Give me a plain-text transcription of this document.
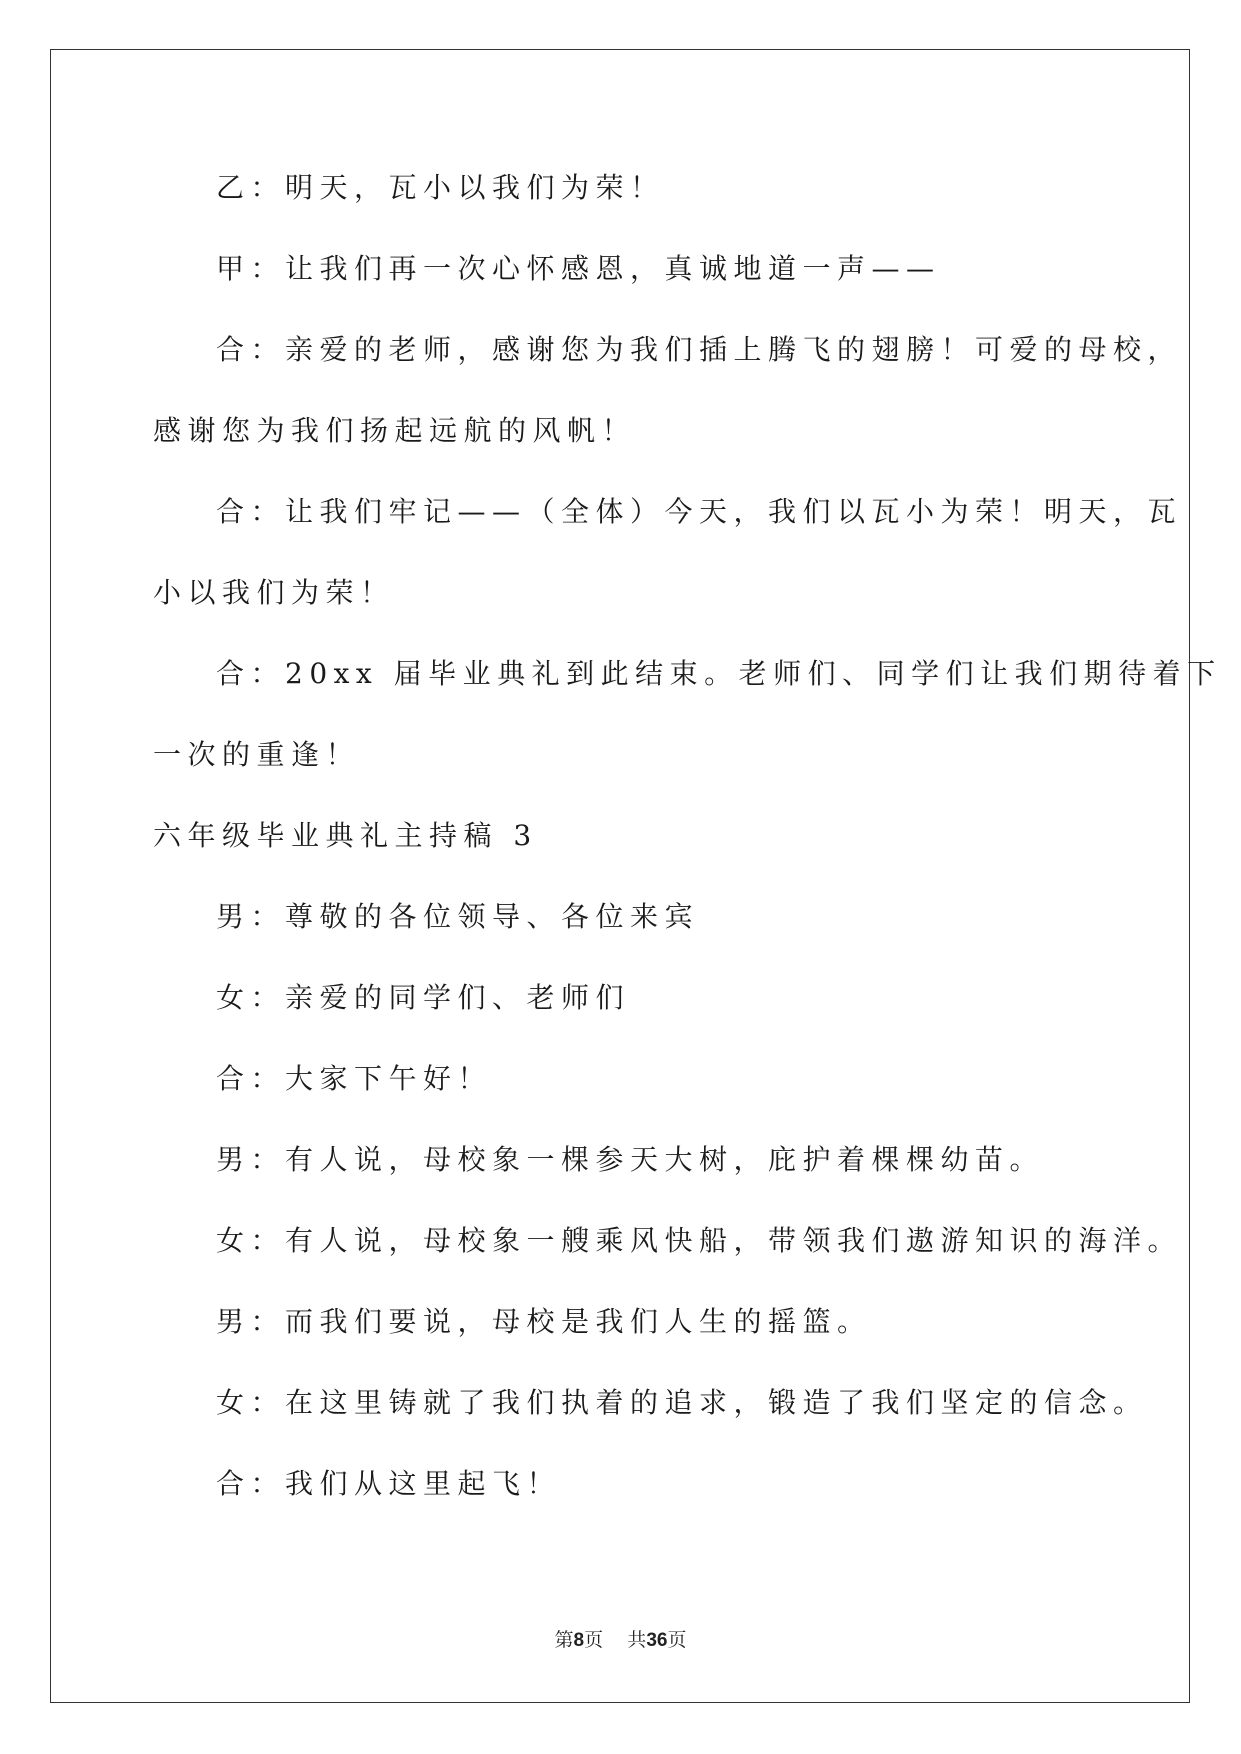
乙：明天，瓦小以我们为荣！
甲：让我们再一次心怀感恩，真诚地道一声——
合：亲爱的老师，感谢您为我们插上腾飞的翅膀！可爱的母校，
感谢您为我们扬起远航的风帆！
合：让我们牢记——（全体）今天，我们以瓦小为荣！明天，瓦
小以我们为荣！
合：20xx 届毕业典礼到此结束。老师们、同学们让我们期待着下
一次的重逢！
六年级毕业典礼主持稿 3
男：尊敬的各位领导、各位来宾
女：亲爱的同学们、老师们
合：大家下午好！
男：有人说，母校象一棵参天大树，庇护着棵棵幼苗。
女：有人说，母校象一艘乘风快船，带领我们遨游知识的海洋。
男：而我们要说，母校是我们人生的摇篮。
女：在这里铸就了我们执着的追求，锻造了我们坚定的信念。
合：我们从这里起飞！
第8页 共36页
